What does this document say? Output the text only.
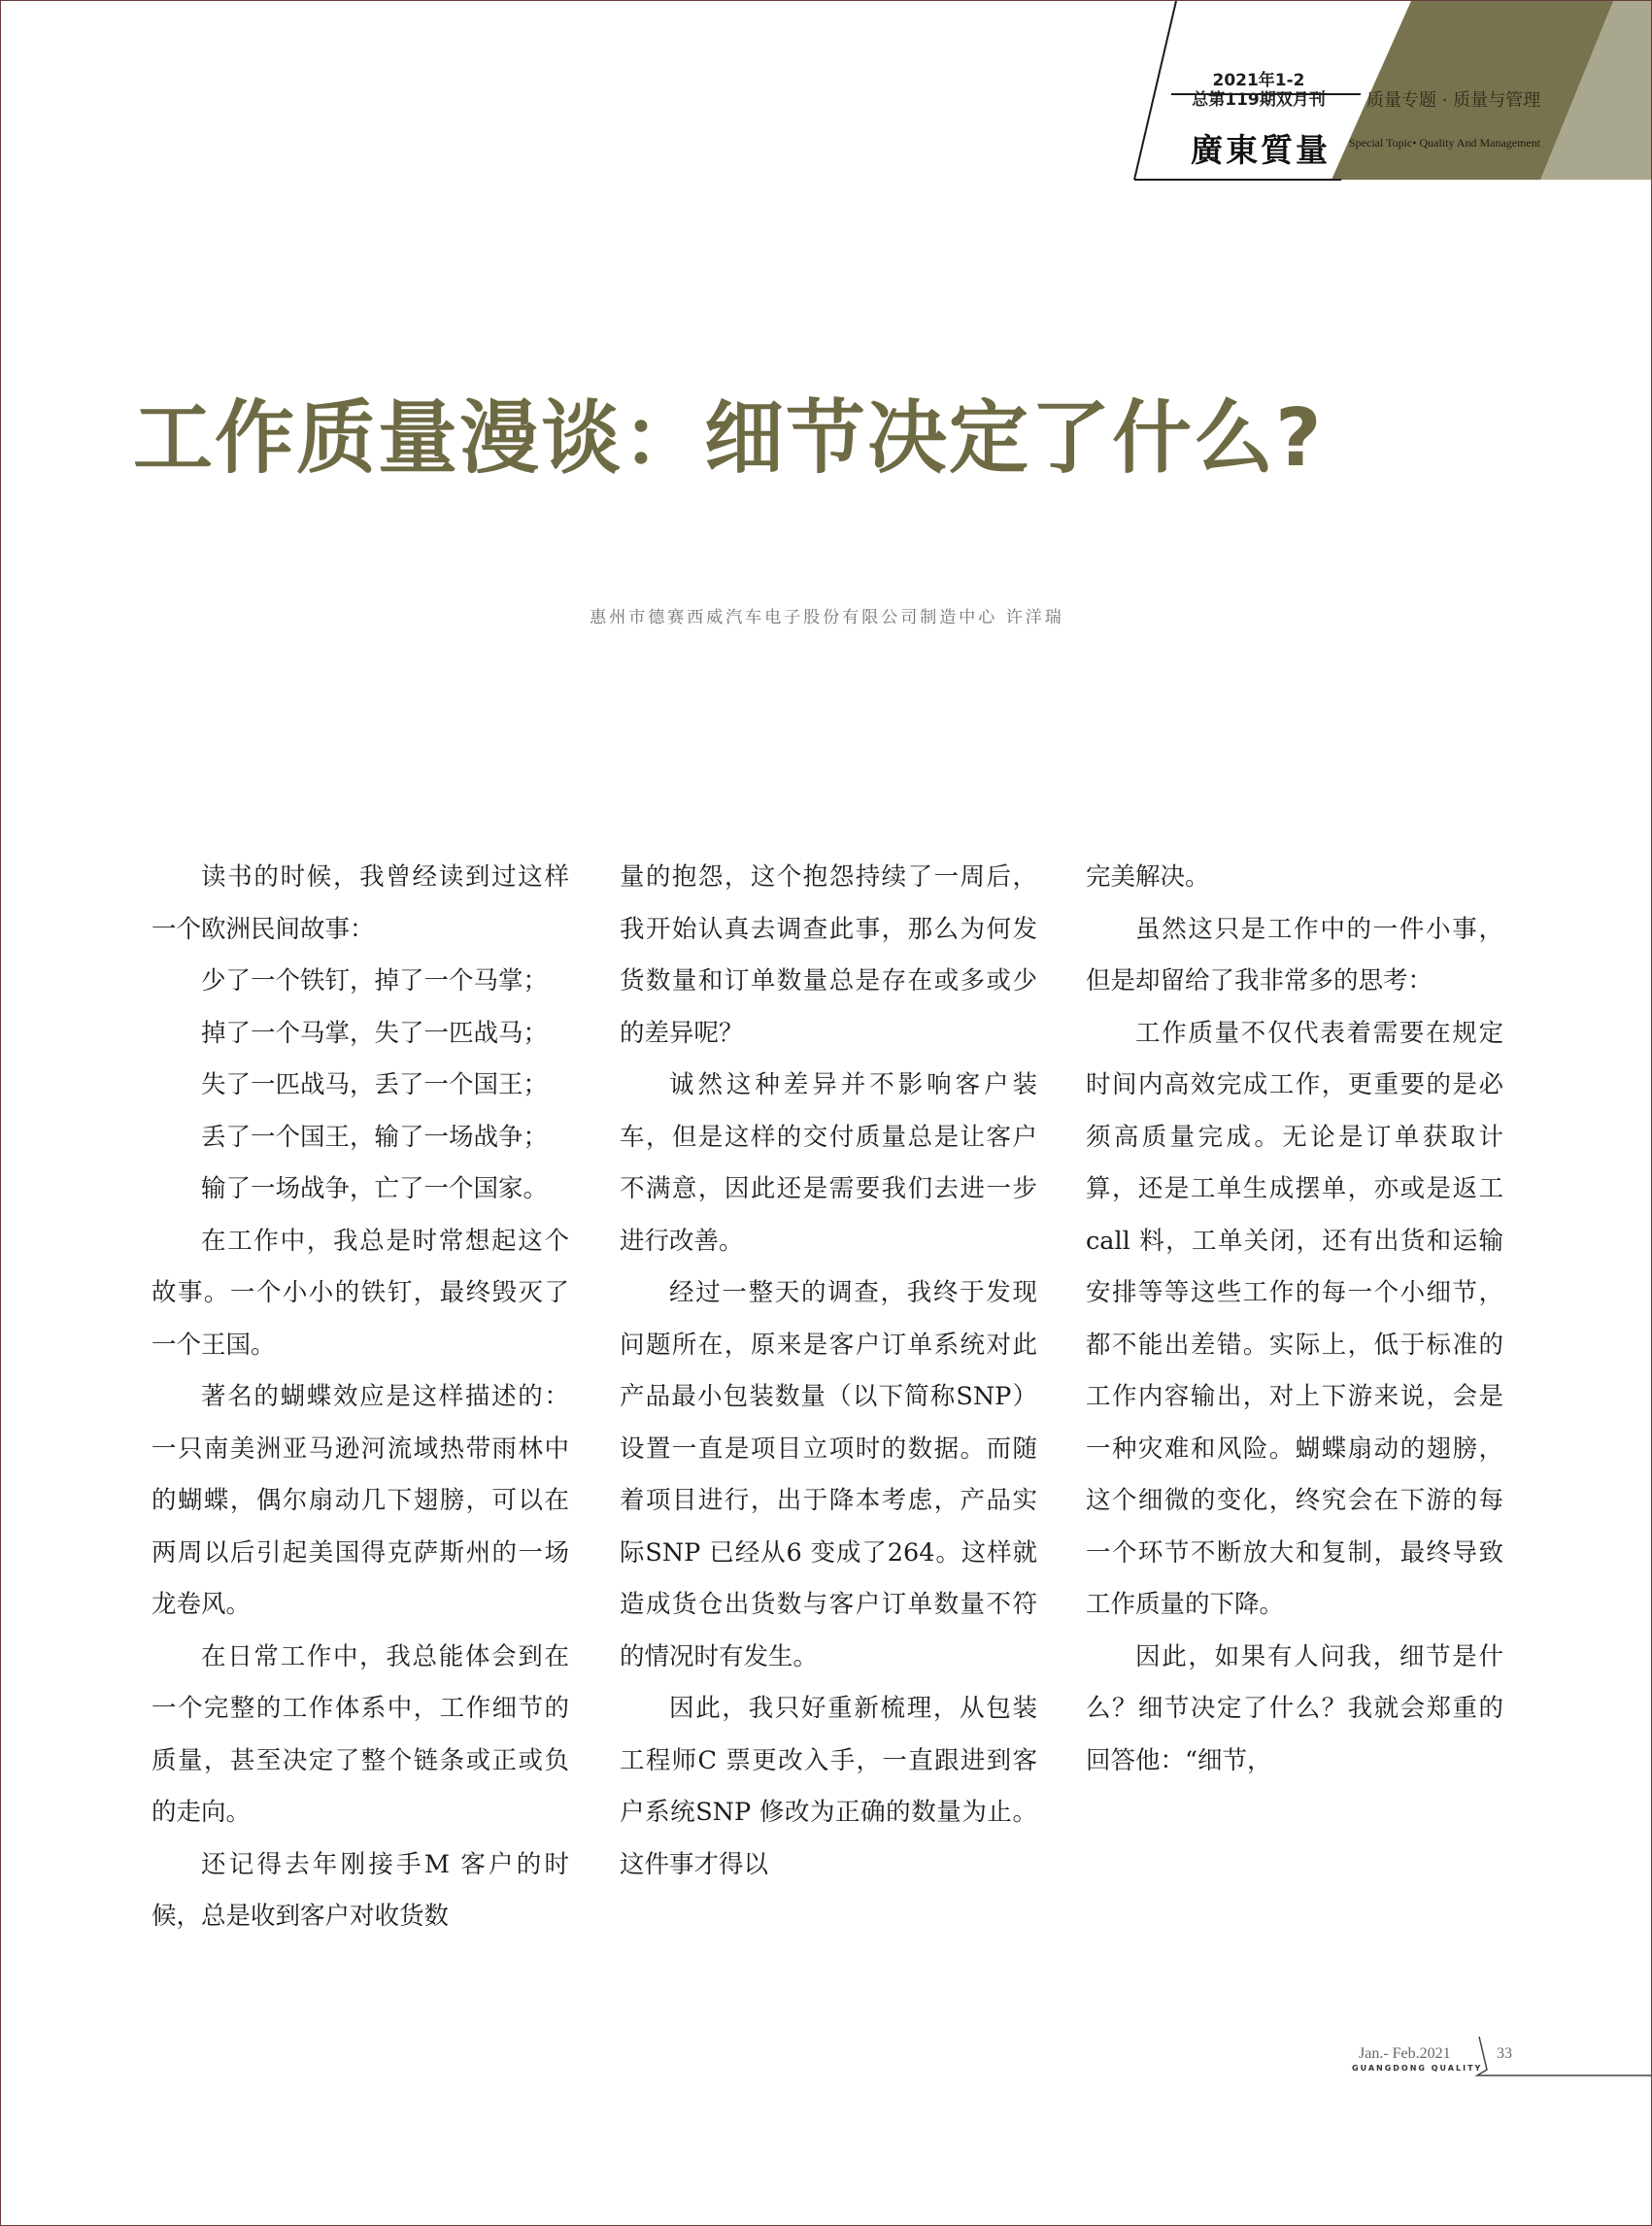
2021年1-2
总第119期双月刊
廣東質量
质量专题 · 质量与管理
Special Topic• Quality And Management
工作质量漫谈：细节决定了什么?
惠州市德赛西威汽车电子股份有限公司制造中心 许洋瑞

读书的时候，我曾经读到过这样一个欧洲民间故事：

少了一个铁钉，掉了一个马掌；

掉了一个马掌，失了一匹战马；

失了一匹战马，丢了一个国王；

丢了一个国王，输了一场战争；

输了一场战争，亡了一个国家。

在工作中，我总是时常想起这个故事。一个小小的铁钉，最终毁灭了一个王国。

著名的蝴蝶效应是这样描述的：一只南美洲亚马逊河流域热带雨林中的蝴蝶，偶尔扇动几下翅膀，可以在两周以后引起美国得克萨斯州的一场龙卷风。

在日常工作中，我总能体会到在一个完整的工作体系中，工作细节的质量，甚至决定了整个链条或正或负的走向。

还记得去年刚接手M 客户的时候，总是收到客户对收货数

量的抱怨，这个抱怨持续了一周后，我开始认真去调查此事，那么为何发货数量和订单数量总是存在或多或少的差异呢？

诚然这种差异并不影响客户装车，但是这样的交付质量总是让客户不满意，因此还是需要我们去进一步进行改善。

经过一整天的调查，我终于发现问题所在，原来是客户订单系统对此产品最小包装数量（以下简称SNP）设置一直是项目立项时的数据。而随着项目进行，出于降本考虑，产品实际SNP 已经从6 变成了264。这样就造成货仓出货数与客户订单数量不符的情况时有发生。

因此，我只好重新梳理，从包装工程师C 票更改入手，一直跟进到客户系统SNP 修改为正确的数量为止。这件事才得以

完美解决。

虽然这只是工作中的一件小事，但是却留给了我非常多的思考：

工作质量不仅代表着需要在规定时间内高效完成工作，更重要的是必须高质量完成。无论是订单获取计算，还是工单生成摆单，亦或是返工call 料，工单关闭，还有出货和运输安排等等这些工作的每一个小细节，都不能出差错。实际上，低于标准的工作内容输出，对上下游来说，会是一种灾难和风险。蝴蝶扇动的翅膀，这个细微的变化，终究会在下游的每一个环节不断放大和复制，最终导致工作质量的下降。

因此，如果有人问我，细节是什么？细节决定了什么？我就会郑重的回答他：“细节，

Jan.- Feb.2021
GUANGDONG QUALITY
33
